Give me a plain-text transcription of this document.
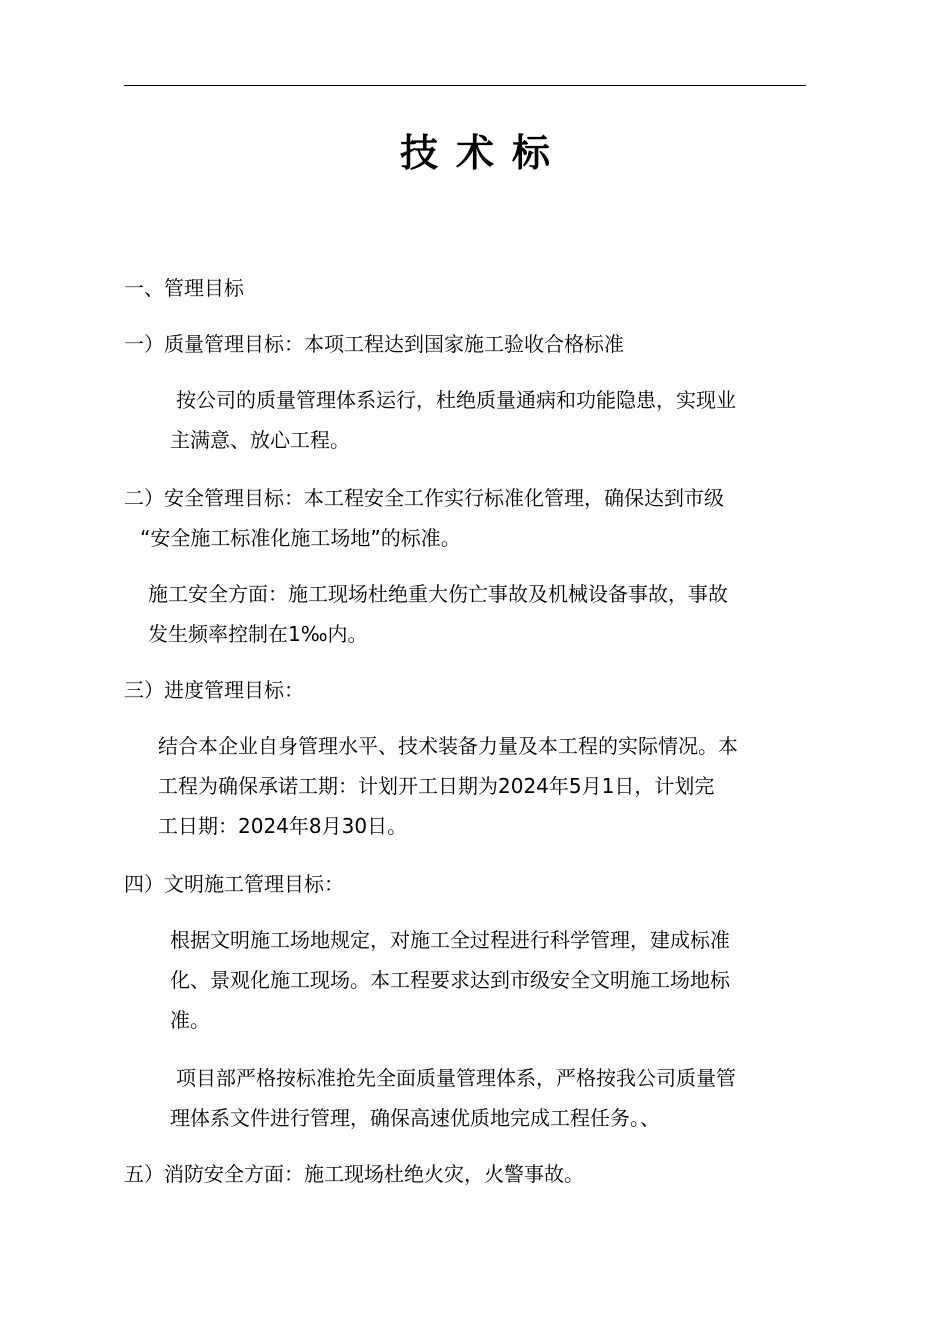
技术标
一、管理目标
一）质量管理目标：本项工程达到国家施工验收合格标准
按公司的质量管理体系运行，杜绝质量通病和功能隐患，实现业
主满意、放心工程。
二）安全管理目标：本工程安全工作实行标准化管理，确保达到市级
“安全施工标准化施工场地”的标准。
施工安全方面：施工现场杜绝重大伤亡事故及机械设备事故，事故
发生频率控制在1‰内。
三）进度管理目标：
结合本企业自身管理水平、技术装备力量及本工程的实际情况。本
工程为确保承诺工期：计划开工日期为2024年5月1日，计划完
工日期：2024年8月30日。
四）文明施工管理目标：
根据文明施工场地规定，对施工全过程进行科学管理，建成标准
化、景观化施工现场。本工程要求达到市级安全文明施工场地标
准。
项目部严格按标准抢先全面质量管理体系，严格按我公司质量管
理体系文件进行管理，确保高速优质地完成工程任务。、
五）消防安全方面：施工现场杜绝火灾，火警事故。
